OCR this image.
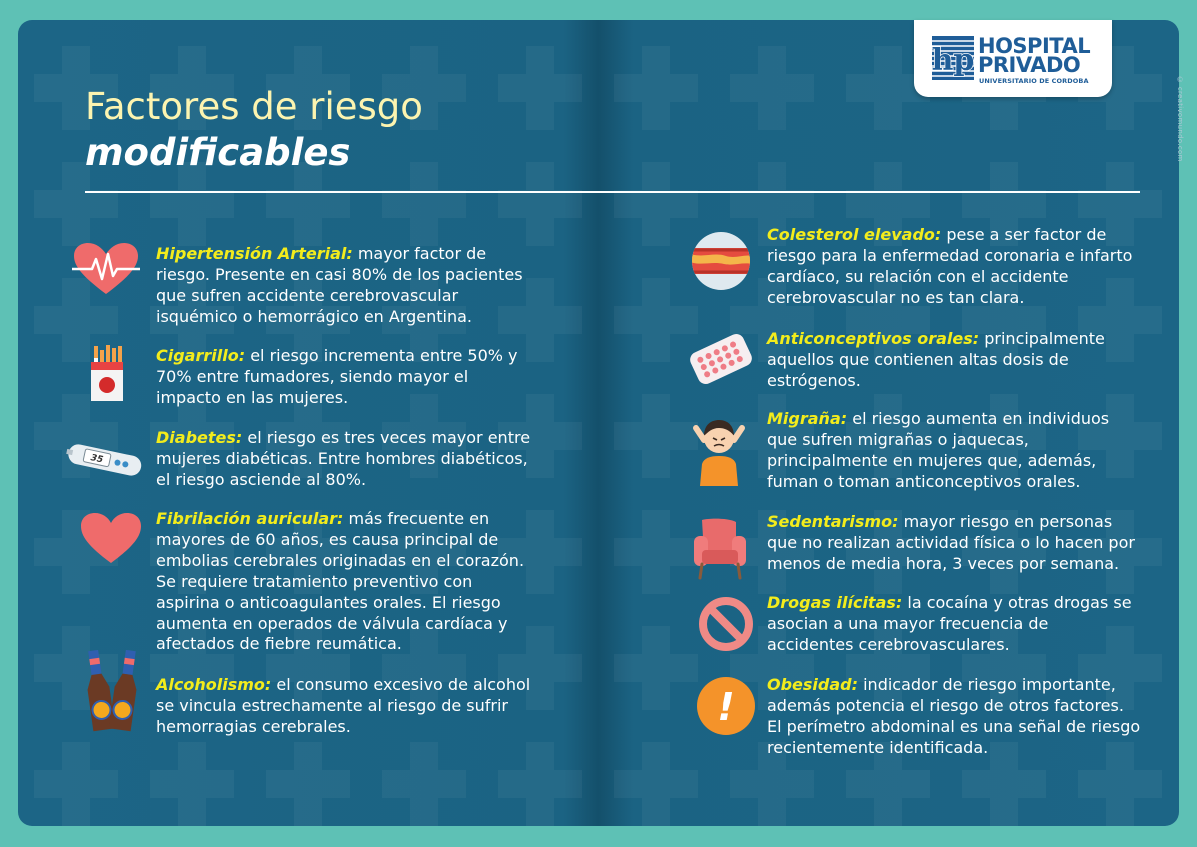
hp HOSPITAL
PRIVADO
UNIVERSITARIO DE CORDOBA	© creativomundo.com
Factores de riesgo
modificables

Hipertensión Arterial: mayor factor de riesgo. Presente en casi 80% de los pacientes que sufren accidente cerebrovascular isquémico o hemorrágico en Argentina.

Cigarrillo: el riesgo incrementa entre 50% y 70% entre fumadores, siendo mayor el impacto en las mujeres.

35

Diabetes: el riesgo es tres veces mayor entre mujeres diabéticas. Entre hombres diabéticos, el riesgo asciende al 80%.

Fibrilación auricular: más frecuente en mayores de 60 años, es causa principal de embolias cerebrales originadas en el corazón. Se requiere tratamiento preventivo con aspirina o anticoagulantes orales. El riesgo aumenta en operados de válvula cardíaca y afectados de fiebre reumática.

Alcoholismo: el consumo excesivo de alcohol se vincula estrechamente al riesgo de sufrir hemorragias cerebrales.

Colesterol elevado: pese a ser factor de riesgo para la enfermedad coronaria e infarto cardíaco, su relación con el accidente cerebrovascular no es tan clara.

Anticonceptivos orales: principalmente aquellos que contienen altas dosis de estrógenos.

Migraña: el riesgo aumenta en individuos que sufren migrañas o jaquecas, principalmente en mujeres que, además, fuman o toman anticonceptivos orales.

Sedentarismo: mayor riesgo en personas que no realizan actividad física o lo hacen por menos de media hora, 3 veces por semana.

Drogas ilícitas: la cocaína y otras drogas se asocian a una mayor frecuencia de accidentes cerebrovasculares.

!

Obesidad: indicador de riesgo importante, además potencia el riesgo de otros factores. El perímetro abdominal es una señal de riesgo recientemente identificada.
